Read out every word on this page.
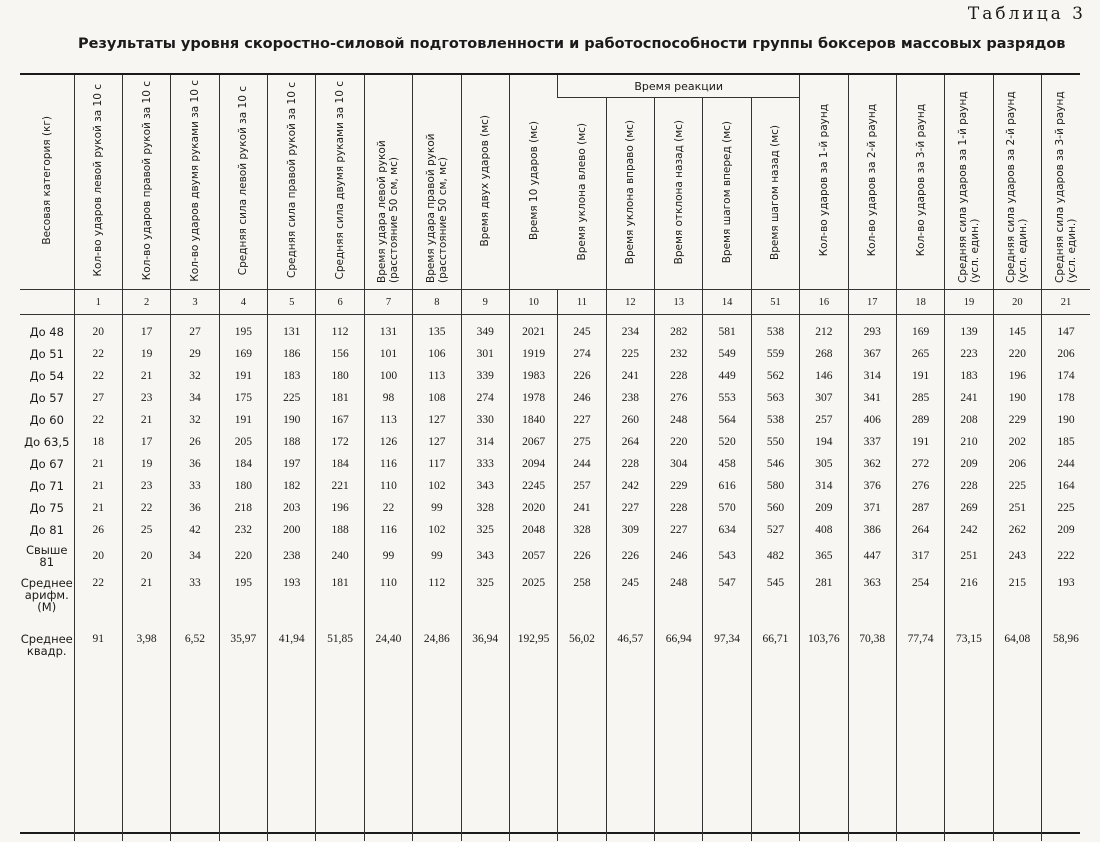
Таблица 3
Результаты уровня скоростно-силовой подготовленности и работоспособности группы боксеров массовых разрядов
Весовая категория (кг)	Кол-во ударов левой рукой за 10 с	Кол-во ударов правой рукой за 10 с	Кол-во ударов двумя руками за 10 с	Средняя сила левой рукой за 10 с	Средняя сила правой рукой за 10 с	Средняя сила двумя руками за 10 с	Время удара левой рукой (расстояние 50 см, мс)	Время удара правой рукой (расстояние 50 см, мс)	Время двух ударов (мс)	Время 10 ударов (мс)	Время реакции					Кол-во ударов за 1-й раунд	Кол-во ударов за 2-й раунд	Кол-во ударов за 3-й раунд	Средняя сила ударов за 1-й раунд (усл. един.)	Средняя сила ударов за 2-й раунд (усл. един.)	Средняя сила ударов за 3-й раунд (усл. един.)
											Время уклона влево (мс)	Время уклона вправо (мс)	Время отклона назад (мс)	Время шагом вперед (мс)	Время шагом назад (мс)						
	1	2	3	4	5	6	7	8	9	10	11	12	13	14	51	16	17	18	19	20	21
До 48	20	17	27	195	131	112	131	135	349	2021	245	234	282	581	538	212	293	169	139	145	147
До 51	22	19	29	169	186	156	101	106	301	1919	274	225	232	549	559	268	367	265	223	220	206
До 54	22	21	32	191	183	180	100	113	339	1983	226	241	228	449	562	146	314	191	183	196	174
До 57	27	23	34	175	225	181	98	108	274	1978	246	238	276	553	563	307	341	285	241	190	178
До 60	22	21	32	191	190	167	113	127	330	1840	227	260	248	564	538	257	406	289	208	229	190
До 63,5	18	17	26	205	188	172	126	127	314	2067	275	264	220	520	550	194	337	191	210	202	185
До 67	21	19	36	184	197	184	116	117	333	2094	244	228	304	458	546	305	362	272	209	206	244
До 71	21	23	33	180	182	221	110	102	343	2245	257	242	229	616	580	314	376	276	228	225	164
До 75	21	22	36	218	203	196	22	99	328	2020	241	227	228	570	560	209	371	287	269	251	225
До 81	26	25	42	232	200	188	116	102	325	2048	328	309	227	634	527	408	386	264	242	262	209
Свыше 81	20	20	34	220	238	240	99	99	343	2057	226	226	246	543	482	365	447	317	251	243	222
Среднее арифм. (М)	22	21	33	195	193	181	110	112	325	2025	258	245	248	547	545	281	363	254	216	215	193
Среднее квадр.	91	3,98	6,52	35,97	41,94	51,85	24,40	24,86	36,94	192,95	56,02	46,57	66,94	97,34	66,71	103,76	70,38	77,74	73,15	64,08	58,96
